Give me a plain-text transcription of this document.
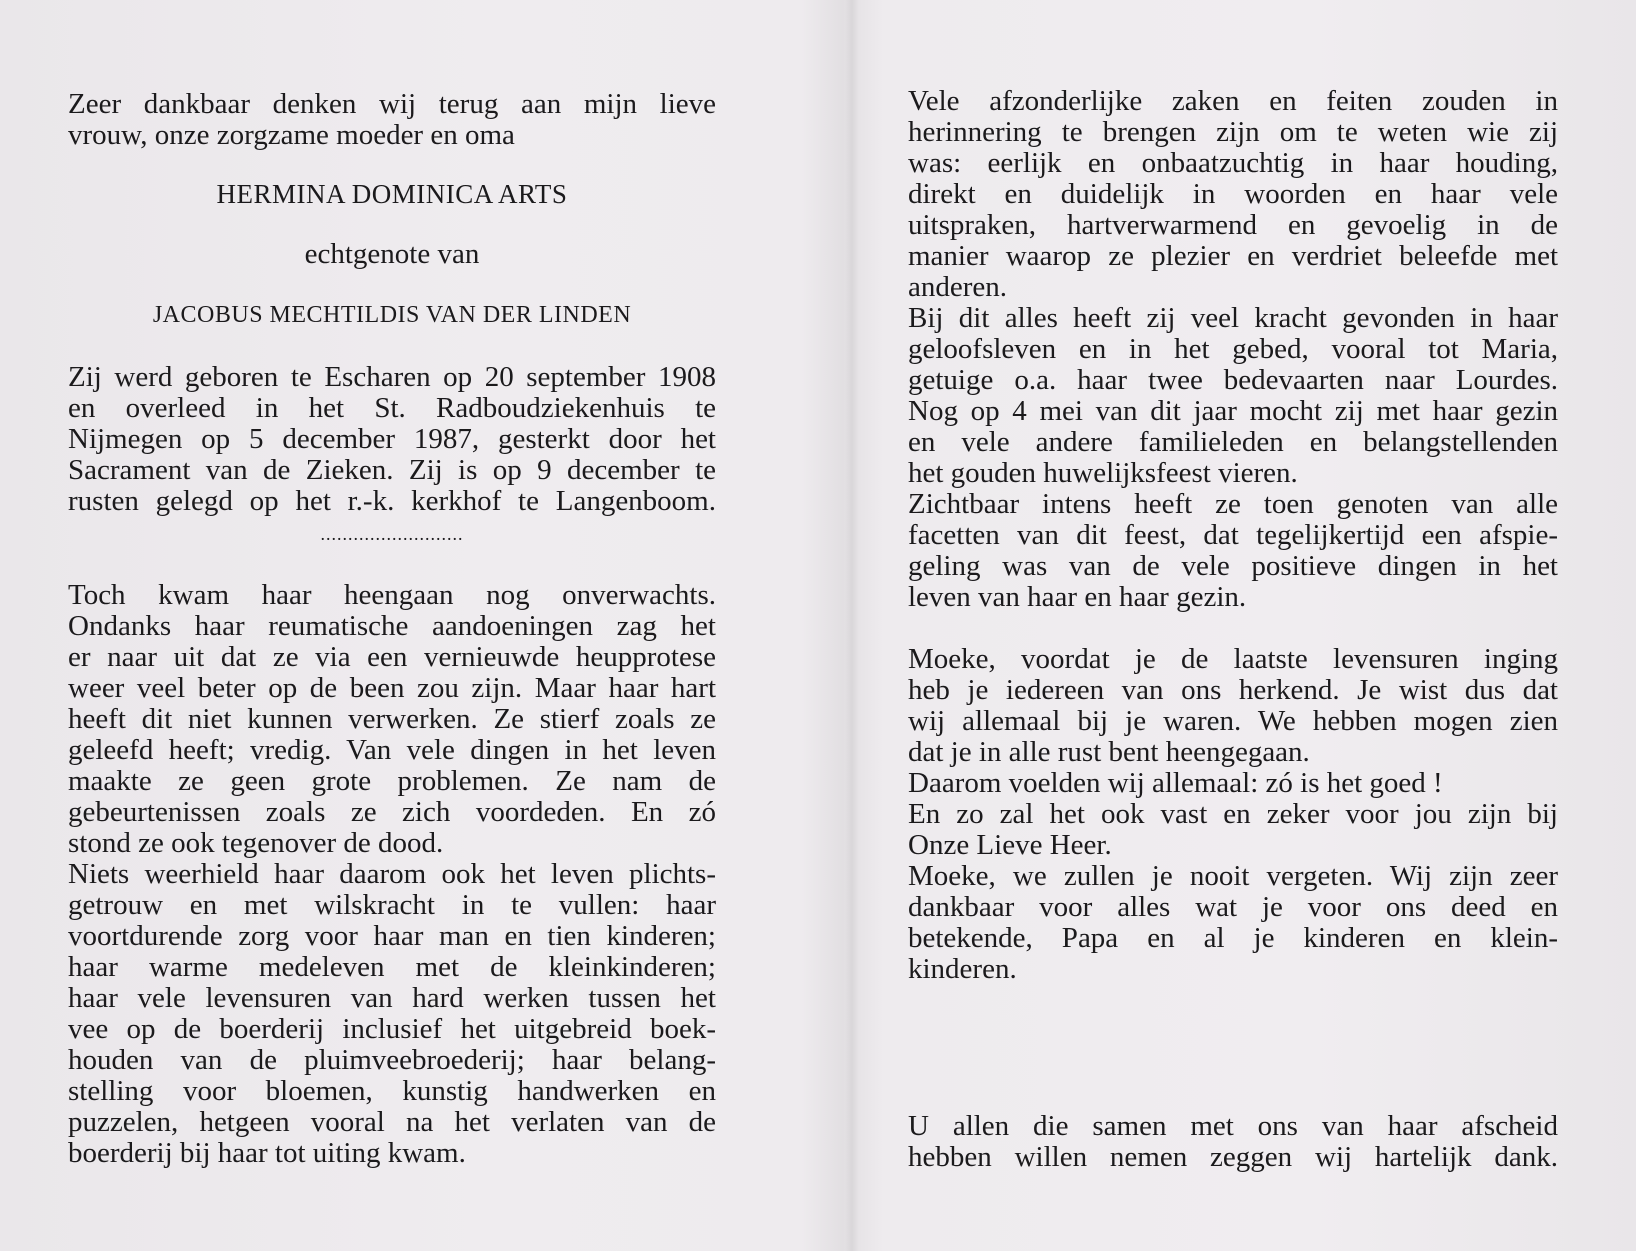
Zeer dankbaar denken wij terug aan mijn lieve
vrouw, onze zorgzame moeder en oma

HERMINA DOMINICA ARTS

echtgenote van

JACOBUS MECHTILDIS VAN DER LINDEN

Zij werd geboren te Escharen op 20 september 1908
en overleed in het St. Radboudziekenhuis te
Nijmegen op 5 december 1987, gesterkt door het
Sacrament van de Zieken. Zij is op 9 december te
rusten gelegd op het r.-k. kerkhof te Langenboom.

..........................

Toch kwam haar heengaan nog onverwachts.
Ondanks haar reumatische aandoeningen zag het
er naar uit dat ze via een vernieuwde heupprotese
weer veel beter op de been zou zijn. Maar haar hart
heeft dit niet kunnen verwerken. Ze stierf zoals ze
geleefd heeft; vredig. Van vele dingen in het leven
maakte ze geen grote problemen. Ze nam de
gebeurtenissen zoals ze zich voordeden. En zó
stond ze ook tegenover de dood.

Niets weerhield haar daarom ook het leven plichts-
getrouw en met wilskracht in te vullen: haar
voortdurende zorg voor haar man en tien kinderen;
haar warme medeleven met de kleinkinderen;
haar vele levensuren van hard werken tussen het
vee op de boerderij inclusief het uitgebreid boek-
houden van de pluimveebroederij; haar belang-
stelling voor bloemen, kunstig handwerken en
puzzelen, hetgeen vooral na het verlaten van de
boerderij bij haar tot uiting kwam.

Vele afzonderlijke zaken en feiten zouden in
herinnering te brengen zijn om te weten wie zij
was: eerlijk en onbaatzuchtig in haar houding,
direkt en duidelijk in woorden en haar vele
uitspraken, hartverwarmend en gevoelig in de
manier waarop ze plezier en verdriet beleefde met
anderen.

Bij dit alles heeft zij veel kracht gevonden in haar
geloofsleven en in het gebed, vooral tot Maria,
getuige o.a. haar twee bedevaarten naar Lourdes.
Nog op 4 mei van dit jaar mocht zij met haar gezin
en vele andere familieleden en belangstellenden
het gouden huwelijksfeest vieren.

Zichtbaar intens heeft ze toen genoten van alle
facetten van dit feest, dat tegelijkertijd een afspie-
geling was van de vele positieve dingen in het
leven van haar en haar gezin.

Moeke, voordat je de laatste levensuren inging
heb je iedereen van ons herkend. Je wist dus dat
wij allemaal bij je waren. We hebben mogen zien
dat je in alle rust bent heengegaan.

Daarom voelden wij allemaal: zó is het goed !

En zo zal het ook vast en zeker voor jou zijn bij
Onze Lieve Heer.

Moeke, we zullen je nooit vergeten. Wij zijn zeer
dankbaar voor alles wat je voor ons deed en
betekende, Papa en al je kinderen en klein-
kinderen.

U allen die samen met ons van haar afscheid
hebben willen nemen zeggen wij hartelijk dank.
